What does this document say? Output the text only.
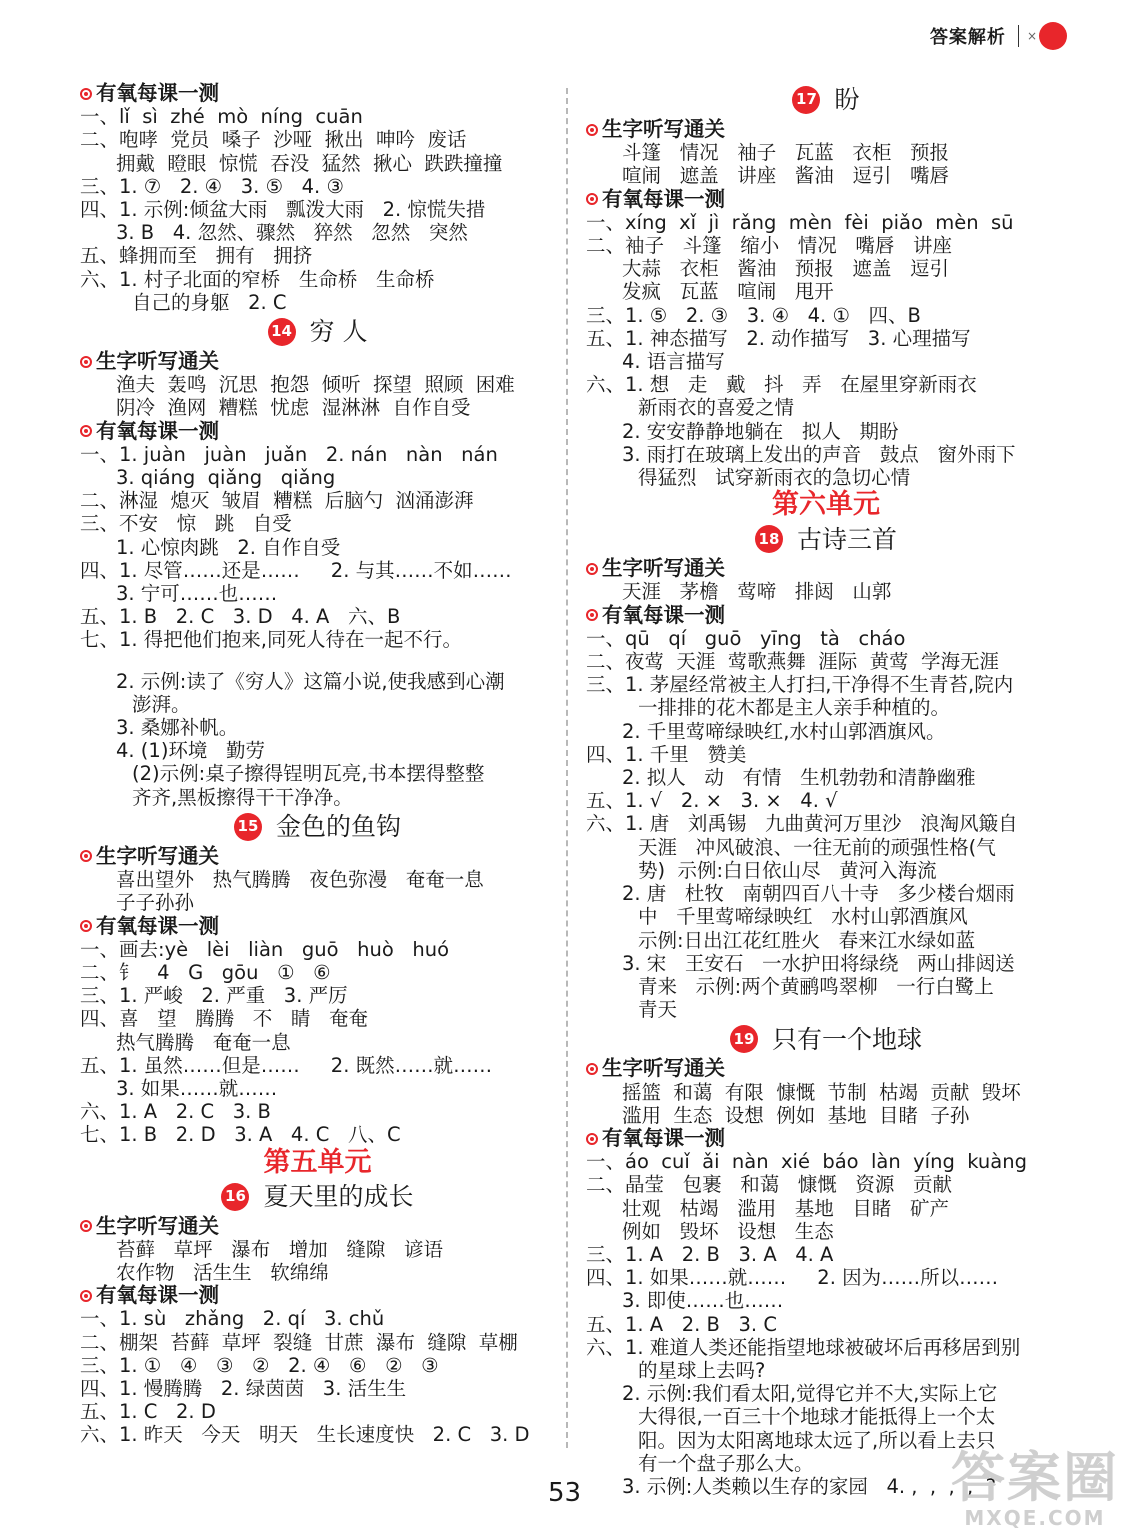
答案解析 ×
有氧每课一测
一、lǐ  sì  zhé  mò  níng  cuān
二、咆哮  党员  嗓子  沙哑  揪出  呻吟  废话
拥戴  瞪眼  惊慌  吞没  猛然  揪心  跌跌撞撞
三、1. ⑦   2. ④   3. ⑤   4. ③
四、1. 示例:倾盆大雨   瓢泼大雨   2. 惊慌失措
3. B   4. 忽然、骤然   猝然   忽然   突然
五、蜂拥而至   拥有   拥挤
六、1. 村子北面的窄桥   生命桥   生命桥
自己的身躯   2. C
14 穷 人
生字听写通关
渔夫  轰鸣  沉思  抱怨  倾听  探望  照顾  困难
阴冷  渔网  糟糕  忧虑  湿淋淋  自作自受
有氧每课一测
一、1. juàn   juàn   juǎn   2. nán   nàn   nán
3. qiáng  qiǎng   qiǎng
二、淋湿  熄灭  皱眉  糟糕  后脑勺  汹涌澎湃
三、不安   惊   跳   自受
1. 心惊肉跳   2. 自作自受
四、1. 尽管……还是……     2. 与其……不如……
3. 宁可……也……
五、1. B   2. C   3. D   4. A   六、B
七、1. 得把他们抱来,同死人待在一起不行。
2. 示例:读了《穷人》这篇小说,使我感到心潮
澎湃。
3. 桑娜补帆。
4. (1)环境   勤劳
(2)示例:桌子擦得锃明瓦亮,书本摆得整整
齐齐,黑板擦得干干净净。
15 金色的鱼钩
生字听写通关
喜出望外   热气腾腾   夜色弥漫   奄奄一息
子子孙孙
有氧每课一测
一、画去:yè   lèi   liàn   guō   huò   huó
二、钅   4   G   gōu   ①   ⑥
三、1. 严峻   2. 严重   3. 严厉
四、喜   望   腾腾   不   睛   奄奄
热气腾腾   奄奄一息
五、1. 虽然……但是……     2. 既然……就……
3. 如果……就……
六、1. A   2. C   3. B
七、1. B   2. D   3. A   4. C   八、C
第五单元
16 夏天里的成长
生字听写通关
苔藓   草坪   瀑布   增加   缝隙   谚语
农作物   活生生   软绵绵
有氧每课一测
一、1. sù   zhǎng   2. qí   3. chǔ
二、棚架  苔藓  草坪  裂缝  甘蔗  瀑布  缝隙  草棚
三、1. ①   ④   ③   ②   2. ④   ⑥   ②   ③
四、1. 慢腾腾   2. 绿茵茵   3. 活生生
五、1. C   2. D
六、1. 昨天   今天   明天   生长速度快   2. C   3. D
17 盼
生字听写通关
斗篷   情况   袖子   瓦蓝   衣柜   预报
喧闹   遮盖   讲座   酱油   逗引   嘴唇
有氧每课一测
一、xíng  xǐ  jì  rǎng  mèn  fèi  piǎo  mèn  sū
二、袖子   斗篷   缩小   情况   嘴唇   讲座
大蒜   衣柜   酱油   预报   遮盖   逗引
发疯   瓦蓝   喧闹   甩开
三、1. ⑤   2. ③   3. ④   4. ①   四、B
五、1. 神态描写   2. 动作描写   3. 心理描写
4. 语言描写
六、1. 想   走   戴   抖   弄   在屋里穿新雨衣
新雨衣的喜爱之情
2. 安安静静地躺在   拟人   期盼
3. 雨打在玻璃上发出的声音   鼓点   窗外雨下
得猛烈   试穿新雨衣的急切心情
第六单元
18 古诗三首
生字听写通关
天涯   茅檐   莺啼   排闼   山郭
有氧每课一测
一、qū   qí   guō   yīng   tà   cháo
二、夜莺  天涯  莺歌燕舞  涯际  黄莺  学海无涯
三、1. 茅屋经常被主人打扫,干净得不生青苔,院内
一排排的花木都是主人亲手种植的。
2. 千里莺啼绿映红,水村山郭酒旗风。
四、1. 千里   赞美
2. 拟人   动   有情   生机勃勃和清静幽雅
五、1. √   2. ×   3. ×   4. √
六、1. 唐   刘禹锡   九曲黄河万里沙   浪淘风簸自
天涯   冲风破浪、一往无前的顽强性格(气
势)  示例:白日依山尽   黄河入海流
2. 唐   杜牧   南朝四百八十寺   多少楼台烟雨
中   千里莺啼绿映红   水村山郭酒旗风
示例:日出江花红胜火   春来江水绿如蓝
3. 宋   王安石   一水护田将绿绕   两山排闼送
青来   示例:两个黄鹂鸣翠柳   一行白鹭上
青天
19 只有一个地球
生字听写通关
摇篮  和蔼  有限  慷慨  节制  枯竭  贡献  毁坏
滥用  生态  设想  例如  基地  目睹  子孙
有氧每课一测
一、áo  cuǐ  ǎi  nàn  xié  báo  làn  yíng  kuàng
二、晶莹   包裹   和蔼   慷慨   资源   贡献
壮观   枯竭   滥用   基地   目睹   矿产
例如   毁坏   设想   生态
三、1. A   2. B   3. A   4. A
四、1. 如果……就……     2. 因为……所以……
3. 即使……也……
五、1. A   2. B   3. C
六、1. 难道人类还能指望地球被破坏后再移居到别
的星球上去吗?
2. 示例:我们看太阳,觉得它并不大,实际上它
大得很,一百三十个地球才能抵得上一个太
阳。因为太阳离地球太远了,所以看上去只
有一个盘子那么大。
3. 示例:人类赖以生存的家园   4. ,  ,  ,  ,  ?
53	答案圈
MXQE.COM
